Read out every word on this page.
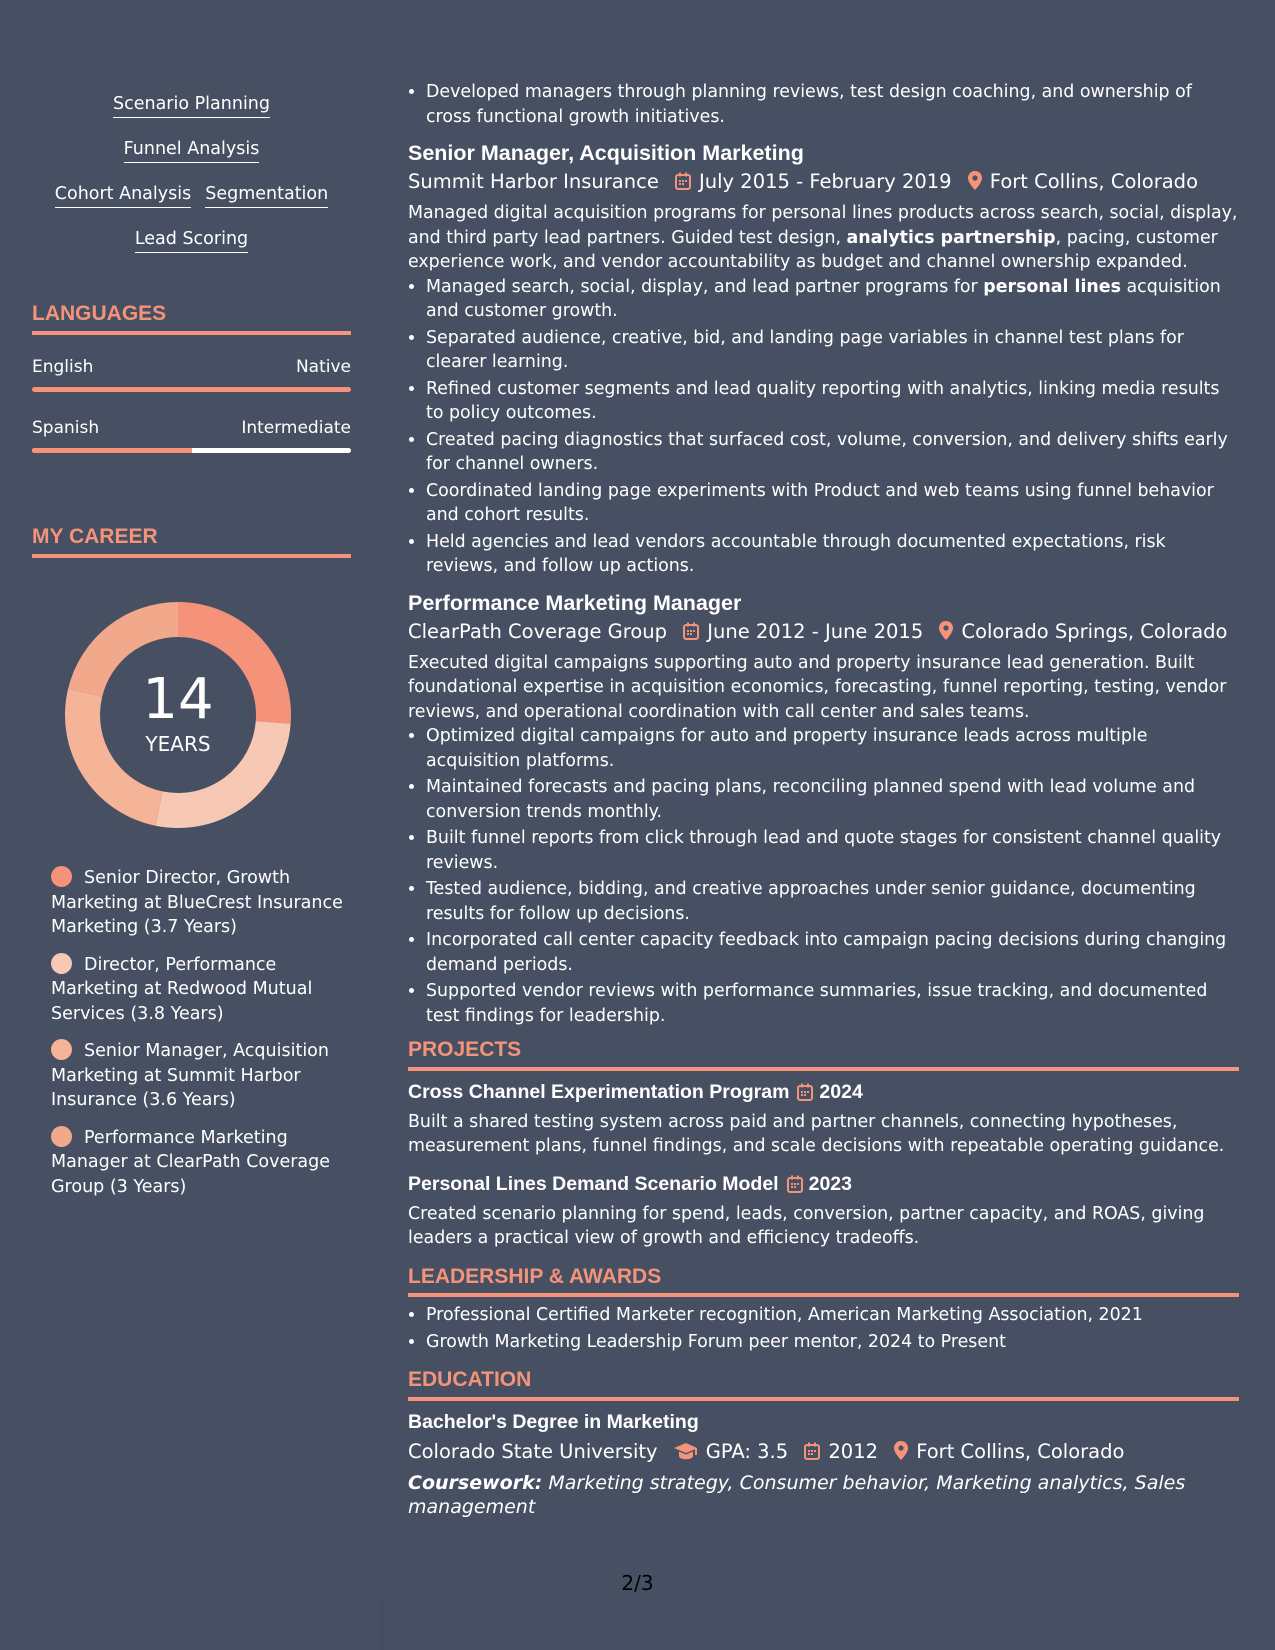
Scenario PlanningFunnel Analysis
Cohort Analysis Segmentation
Lead Scoring
LANGUAGES
English	Native
Spanish	Intermediate
MY CAREER
14
YEARS
Senior Director, Growth Marketing at BlueCrest Insurance Marketing (3.7 Years)
Director, Performance Marketing at Redwood Mutual Services (3.8 Years)
Senior Manager, Acquisition Marketing at Summit Harbor Insurance (3.6 Years)
Performance Marketing Manager at ClearPath Coverage Group (3 Years)
• Developed managers through planning reviews, test design coaching, and ownership of cross functional growth initiatives.
Senior Manager, Acquisition Marketing
Summit Harbor Insurance July 2015 - February 2019 Fort Collins, Colorado
Managed digital acquisition programs for personal lines products across search, social, display, and third party lead partners. Guided test design, analytics partnership, pacing, customer experience work, and vendor accountability as budget and channel ownership expanded.
• Managed search, social, display, and lead partner programs for personal lines acquisition and customer growth.
• Separated audience, creative, bid, and landing page variables in channel test plans for clearer learning.
• Refined customer segments and lead quality reporting with analytics, linking media results to policy outcomes.
• Created pacing diagnostics that surfaced cost, volume, conversion, and delivery shifts early for channel owners.
• Coordinated landing page experiments with Product and web teams using funnel behavior and cohort results.
• Held agencies and lead vendors accountable through documented expectations, risk reviews, and follow up actions.
Performance Marketing Manager
ClearPath Coverage Group June 2012 - June 2015 Colorado Springs, Colorado
Executed digital campaigns supporting auto and property insurance lead generation. Built foundational expertise in acquisition economics, forecasting, funnel reporting, testing, vendor reviews, and operational coordination with call center and sales teams.
• Optimized digital campaigns for auto and property insurance leads across multiple acquisition platforms.
• Maintained forecasts and pacing plans, reconciling planned spend with lead volume and conversion trends monthly.
• Built funnel reports from click through lead and quote stages for consistent channel quality reviews.
• Tested audience, bidding, and creative approaches under senior guidance, documenting results for follow up decisions.
• Incorporated call center capacity feedback into campaign pacing decisions during changing demand periods.
• Supported vendor reviews with performance summaries, issue tracking, and documented test findings for leadership.
PROJECTS
Cross Channel Experimentation Program 2024
Built a shared testing system across paid and partner channels, connecting hypotheses, measurement plans, funnel findings, and scale decisions with repeatable operating guidance.
Personal Lines Demand Scenario Model 2023
Created scenario planning for spend, leads, conversion, partner capacity, and ROAS, giving leaders a practical view of growth and efficiency tradeoffs.
LEADERSHIP & AWARDS
• Professional Certified Marketer recognition, American Marketing Association, 2021
• Growth Marketing Leadership Forum peer mentor, 2024 to Present
EDUCATION
Bachelor's Degree in Marketing
Colorado State University GPA: 3.5 2012 Fort Collins, Colorado
Coursework: Marketing strategy, Consumer behavior, Marketing analytics, Sales management
2/3
